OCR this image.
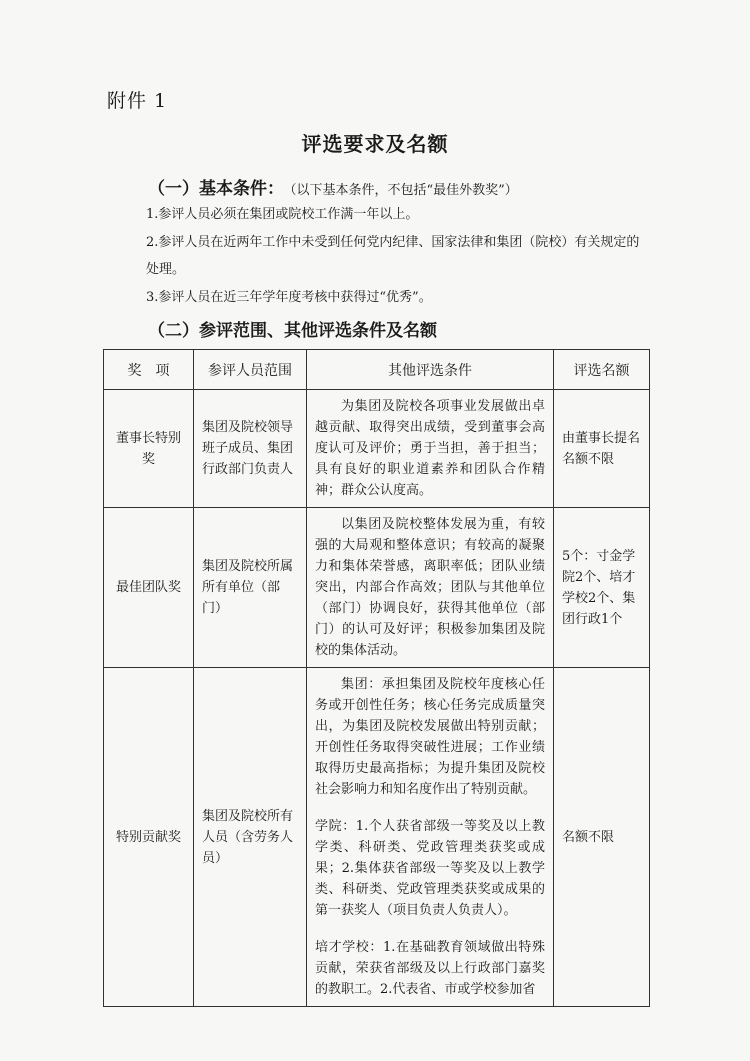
附件 1
评选要求及名额
（一）基本条件： （以下基本条件，不包括“最佳外教奖”）
1.参评人员必须在集团或院校工作满一年以上。
2.参评人员在近两年工作中未受到任何党内纪律、国家法律和集团（院校）有关规定的处理。
3.参评人员在近三年学年度考核中获得过“优秀”。
（二）参评范围、其他评选条件及名额
奖　项	参评人员范围	其他评选条件	评选名额
董事长特别奖	集团及院校领导班子成员、集团行政部门负责人	为集团及院校各项事业发展做出卓越贡献、取得突出成绩，受到董事会高度认可及评价；勇于当担，善于担当；具有良好的职业道素养和团队合作精神；群众公认度高。	由董事长提名名额不限
最佳团队奖	集团及院校所属所有单位（部门）	以集团及院校整体发展为重，有较强的大局观和整体意识；有较高的凝聚力和集体荣誉感，离职率低；团队业绩突出，内部合作高效；团队与其他单位（部门）协调良好，获得其他单位（部门）的认可及好评；积极参加集团及院校的集体活动。	5个：寸金学院2个、培才学校2个、集团行政1个
特别贡献奖	集团及院校所有人员（含劳务人员）	集团：承担集团及院校年度核心任务或开创性任务；核心任务完成质量突出，为集团及院校发展做出特别贡献；开创性任务取得突破性进展；工作业绩取得历史最高指标；为提升集团及院校社会影响力和知名度作出了特别贡献。
学院：1.个人获省部级一等奖及以上教学类、科研类、党政管理类获奖或成果；2.集体获省部级一等奖及以上教学类、科研类、党政管理类获奖或成果的第一获奖人（项目负责人负责人）。
培才学校：1.在基础教育领域做出特殊贡献，荣获省部级及以上行政部门嘉奖的教职工。2.代表省、市或学校参加省	名额不限
